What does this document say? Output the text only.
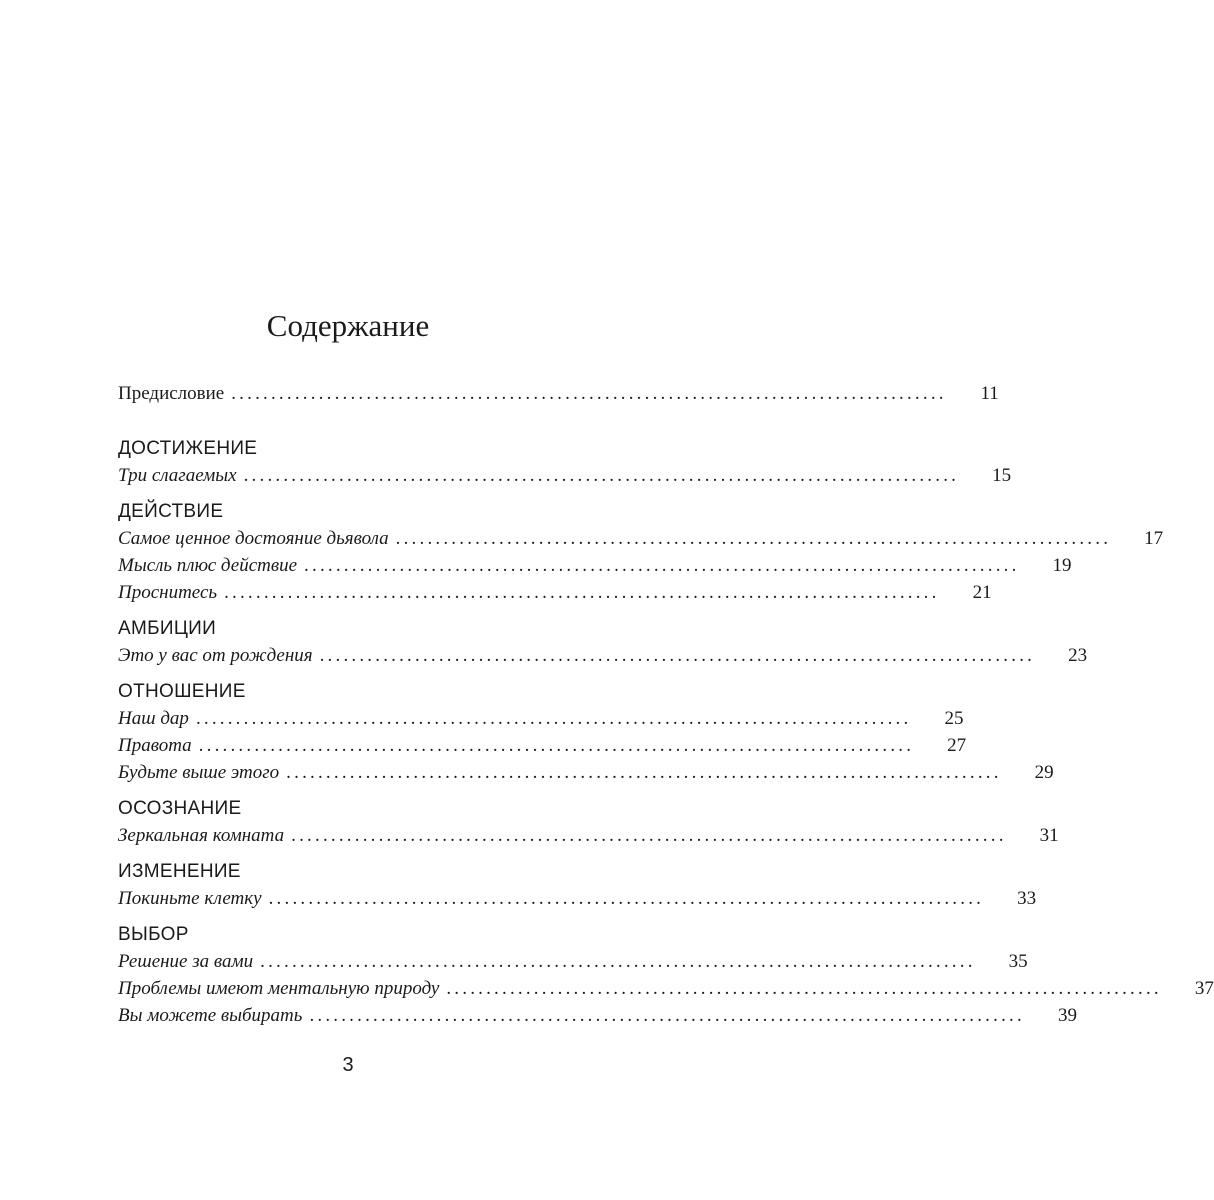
Содержание
Предисловие ..........................................................................................	11
ДОСТИЖЕНИЕ
Три слагаемых .......................................................................................... 15
ДЕЙСТВИЕ
Самое ценное достояние дьявола .......................................................................................... 17
Мысль плюс действие .......................................................................................... 19
Проснитесь .......................................................................................... 21
АМБИЦИИ
Это у вас от рождения .......................................................................................... 23
ОТНОШЕНИЕ
Наш дар .......................................................................................... 25
Правота .......................................................................................... 27
Будьте выше этого .......................................................................................... 29
ОСОЗНАНИЕ
Зеркальная комната .......................................................................................... 31
ИЗМЕНЕНИЕ
Покиньте клетку .......................................................................................... 33
ВЫБОР
Решение за вами .......................................................................................... 35
Проблемы имеют ментальную природу .......................................................................................... 37
Вы можете выбирать .......................................................................................... 39
3
